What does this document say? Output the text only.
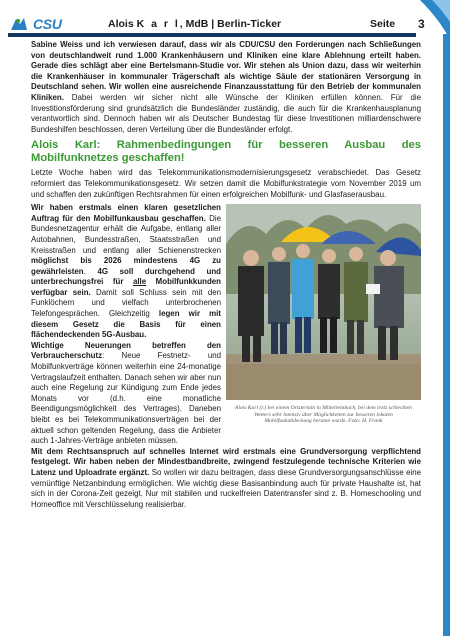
CSU	Alois K a r l, MdB | Berlin-Ticker	Seite 3

Sabine Weiss und ich verwiesen darauf, dass wir als CDU/CSU den Forderungen nach Schließungen von deutschlandweit rund 1.000 Krankenhäusern und Kliniken eine klare Ablehnung erteilt haben. Gerade dies schlägt aber eine Bertelsmann-Studie vor. Wir stehen als Union dazu, dass wir weiterhin die Krankenhäuser in kommunaler Trägerschaft als wichtige Säule der stationären Versorgung in Deutschland sehen. Wir wollen eine ausreichende Finanzausstattung für den Betrieb der kommunalen Kliniken. Dabei werden wir sicher nicht alle Wünsche der Kliniken erfüllen können. Für die Investitionsförderung sind grundsätzlich die Bundesländer zuständig, die auch für die Krankenhausplanung verantwortlich sind. Dennoch haben wir als Deutscher Bundestag für diese Investitionen milliardenschwere Bundeshilfen beschlossen, deren Verteilung über die Bundesländer erfolgt.

Alois Karl: Rahmenbedingungen für besseren Ausbau des Mobilfunknetzes geschaffen!

Letzte Woche haben wird das Telekommunikationsmodernisierungsgesetz verabschiedet. Das Gesetz reformiert das Telekommunikationsgesetz. Wir setzen damit die Mobilfunkstrategie vom November 2019 um und schaffen den zukünftigen Rechtsrahmen für einen erfolgreichen Mobilfunk- und Glasfaserausbau.

Wir haben erstmals einen klaren gesetzlichen Auftrag für den Mobilfunkausbau geschaffen. Die Bundesnetzagentur erhält die Aufgabe, entlang aller Autobahnen, Bundesstraßen, Staatsstraßen und Kreisstraßen und entlang aller Schienenstrecken möglichst bis 2026 mindestens 4G zu gewährleisten. 4G soll durchgehend und unterbrechungsfrei für alle Mobilfunkkunden verfügbar sein. Damit soll Schluss sein mit den Funklöchern und vielfach unterbrochenen Telefongesprächen. Gleichzeitig legen wir mit diesem Gesetz die Basis für einen flächendeckenden 5G-Ausbau.

Wichtige Neuerungen betreffen den Verbraucherschutz: Neue Festnetz- und Mobilfunkverträge können weiterhin eine 24-monatige Vertragslaufzeit enthalten. Danach sehen wir aber nun auch eine Regelung zur Kündigung zum Ende jedes Monats vor (d.h. eine monatliche Beendigungsmöglichkeit des Vertrages). Daneben bleibt es bei Telekommunikationsverträgen bei der aktuell schon geltenden Regelung, dass die Anbieter auch 1-Jahres-Verträge anbieten müssen.

Alois Karl (r.) bei einem Ortstermin in Mittelreinbach, bei dem trotz schlechten Wetters sehr intensiv über Möglichkeiten zur besseren lokalen Mobilfunkabdeckung beraten wurde. Foto: H. Frank

Mit dem Rechtsanspruch auf schnelles Internet wird erstmals eine Grundversorgung verpflichtend festgelegt. Wir haben neben der Mindestbandbreite, zwingend festzulegende technische Kriterien wie Latenz und Uploadrate ergänzt. So wollen wir dazu beitragen, dass diese Grundversorgungsanschlüsse eine vernünftige Netzanbindung ermöglichen. Wie wichtig diese Basisanbindung auch für private Haushalte ist, hat sich in der Corona-Zeit gezeigt. Nur mit stabilen und ruckelfreien Datentransfer sind z. B. Homeschooling und Homeoffice mit Verschlüsselung realisierbar.
